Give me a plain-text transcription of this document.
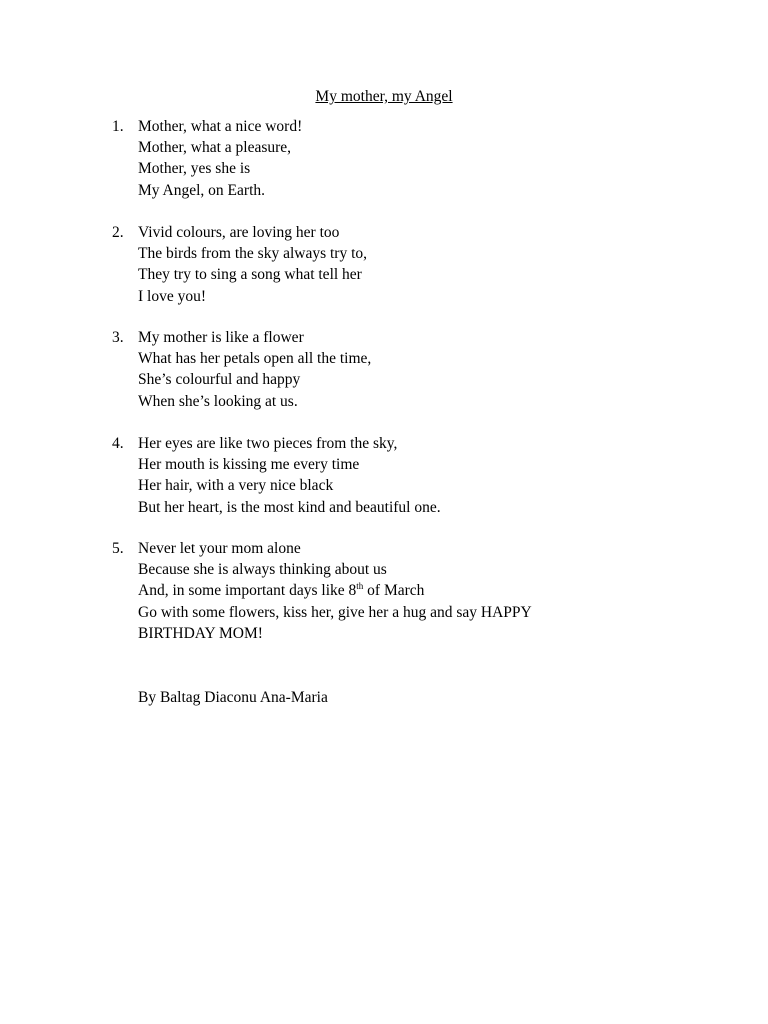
My mother, my Angel
1. Mother, what a nice word!
Mother, what a pleasure,
Mother, yes she is
My Angel, on Earth.
2. Vivid colours, are loving her too
The birds from the sky always try to,
They try to sing a song what tell her
I love you!
3. My mother is like a flower
What has her petals open all the time,
She’s colourful and happy
When she’s looking at us.
4. Her eyes are like two pieces from the sky,
Her mouth is kissing me every time
Her hair, with a very nice black
But her heart, is the most kind and beautiful one.
5. Never let your mom alone
Because she is always thinking about us
And, in some important days like 8th of March
Go with some flowers, kiss her, give her a hug and say HAPPY
BIRTHDAY MOM!
By Baltag Diaconu Ana-Maria
